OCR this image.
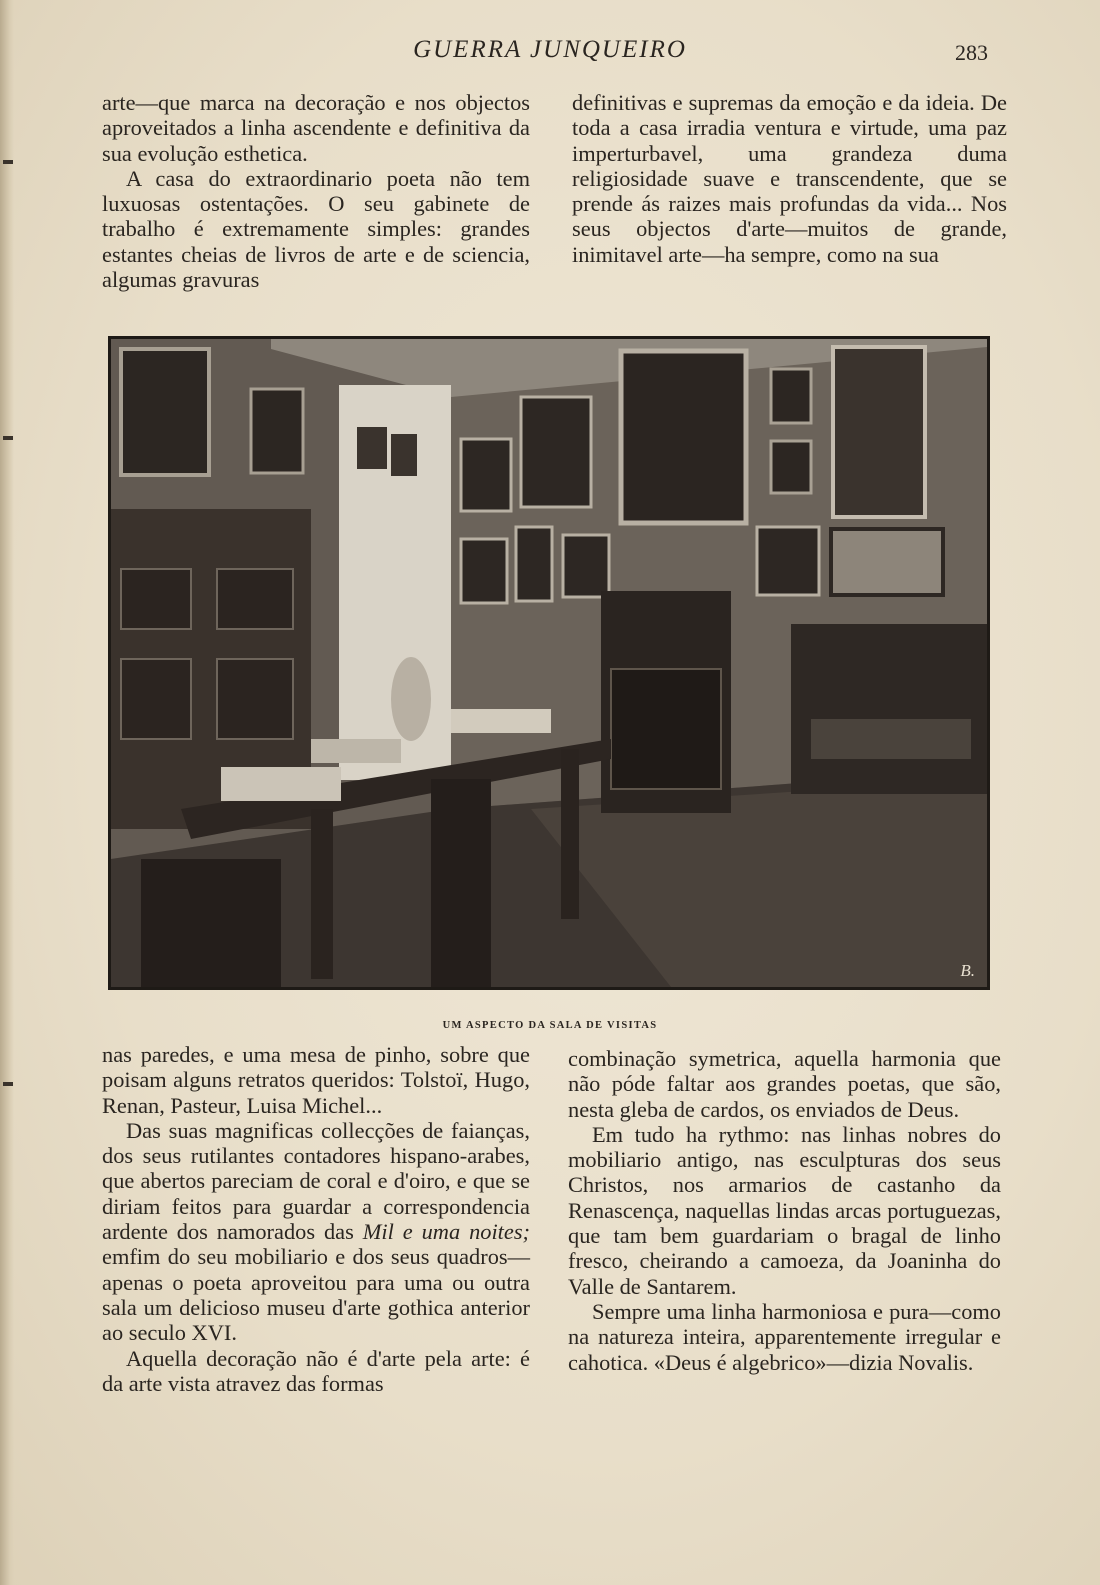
GUERRA JUNQUEIRO	283

arte—que marca na decoração e nos objectos aproveitados a linha ascendente e definitiva da sua evolução esthetica.

A casa do extraordinario poeta não tem luxuosas ostentações. O seu gabinete de trabalho é extremamente simples: grandes estantes cheias de livros de arte e de sciencia, algumas gravuras

definitivas e supremas da emoção e da ideia. De toda a casa irradia ventura e virtude, uma paz imperturbavel, uma grandeza duma religiosidade suave e transcendente, que se prende ás raizes mais profundas da vida... Nos seus objectos d'arte—muitos de grande, inimitavel arte—ha sempre, como na sua

B.
UM ASPECTO DA SALA DE VISITAS

nas paredes, e uma mesa de pinho, sobre que poisam alguns retratos queridos: Tolstoï, Hugo, Renan, Pasteur, Luisa Michel...

Das suas magnificas collecções de faianças, dos seus rutilantes contadores hispano-arabes, que abertos pareciam de coral e d'oiro, e que se diriam feitos para guardar a correspondencia ardente dos namorados das Mil e uma noites; emfim do seu mobiliario e dos seus quadros—apenas o poeta aproveitou para uma ou outra sala um delicioso museu d'arte gothica anterior ao seculo XVI.

Aquella decoração não é d'arte pela arte: é da arte vista atravez das formas

combinação symetrica, aquella harmonia que não póde faltar aos grandes poetas, que são, nesta gleba de cardos, os enviados de Deus.

Em tudo ha rythmo: nas linhas nobres do mobiliario antigo, nas esculpturas dos seus Christos, nos armarios de castanho da Renascença, naquellas lindas arcas portuguezas, que tam bem guardariam o bragal de linho fresco, cheirando a camoeza, da Joaninha do Valle de Santarem.

Sempre uma linha harmoniosa e pura—como na natureza inteira, apparentemente irregular e cahotica. «Deus é algebrico»—dizia Novalis.
